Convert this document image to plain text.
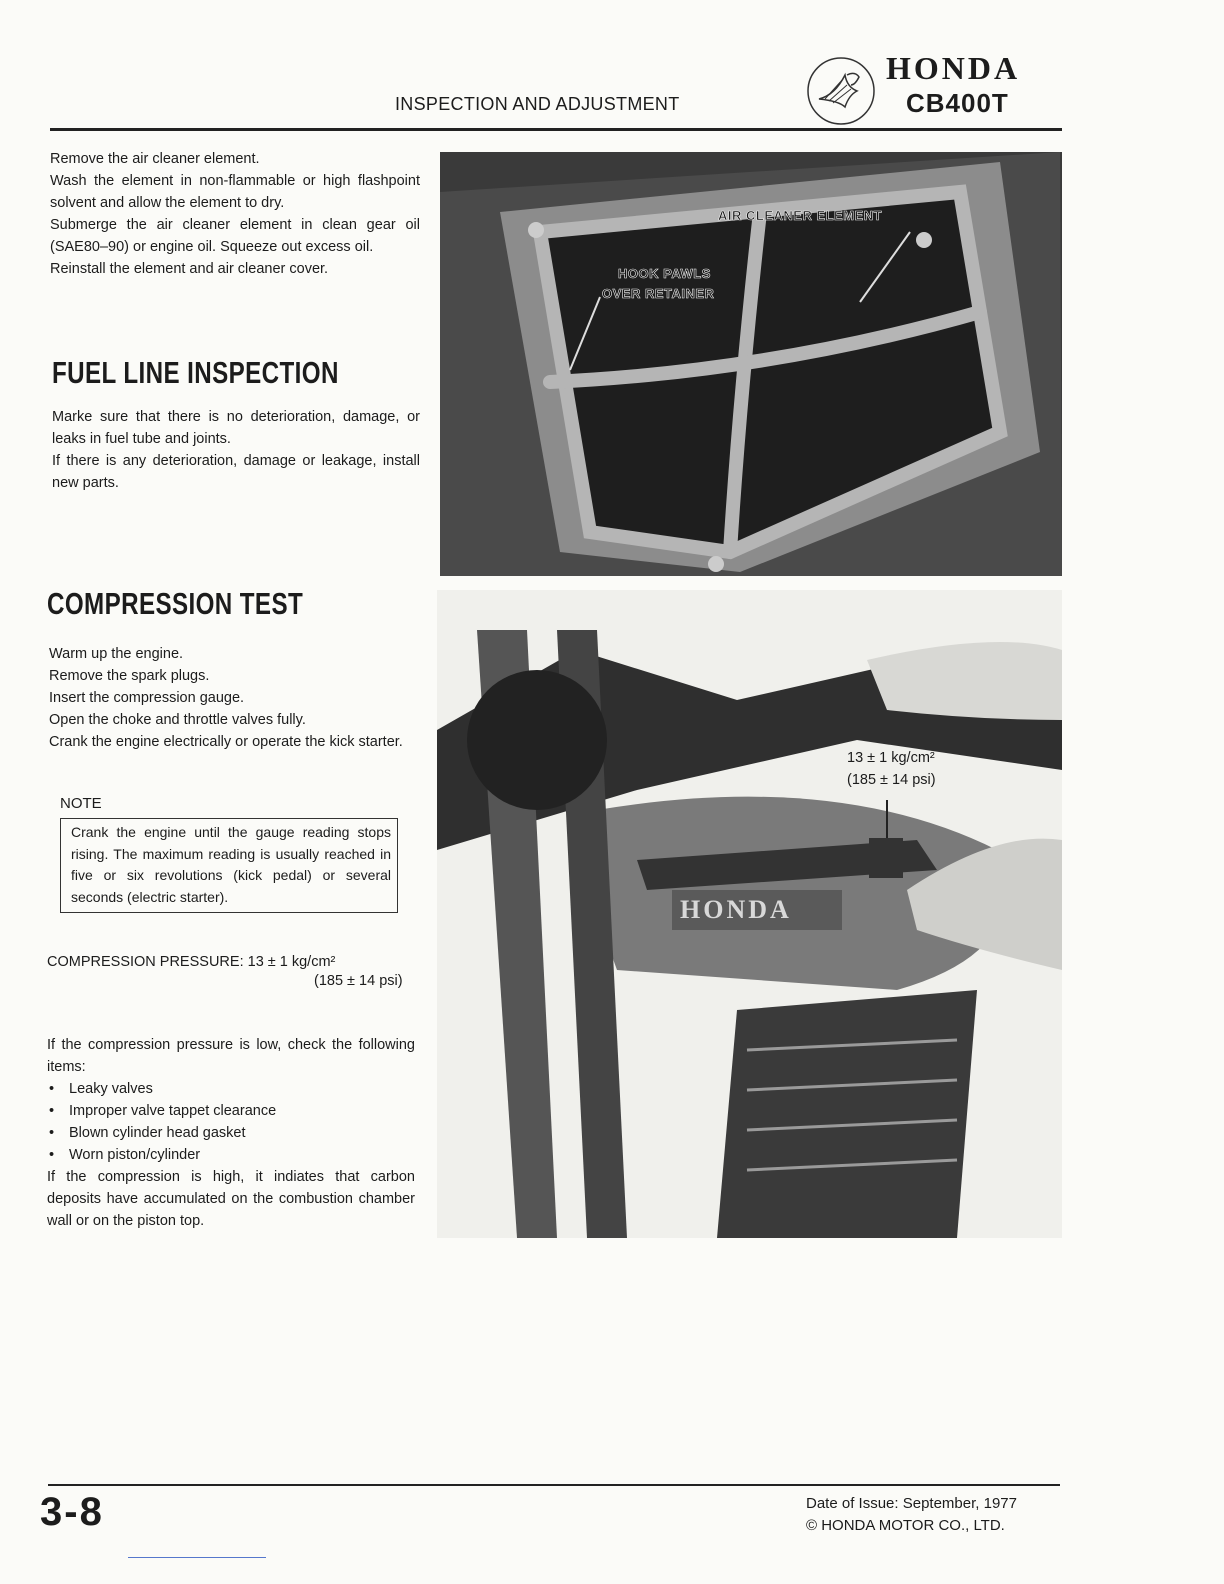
INSPECTION AND ADJUSTMENT
HONDA
CB400T

Remove the air cleaner element.

Wash the element in non-flammable or high flashpoint solvent and allow the element to dry.

Submerge the air cleaner element in clean gear oil (SAE80–90) or engine oil. Squeeze out excess oil.

Reinstall the element and air cleaner cover.

FUEL LINE INSPECTION

Marke sure that there is no deterioration, damage, or leaks in fuel tube and joints.

If there is any deterioration, damage or leakage, install new parts.

AIR CLEANER ELEMENT
HOOK PAWLS
OVER RETAINER
COMPRESSION TEST

Warm up the engine.

Remove the spark plugs.

Insert the compression gauge.

Open the choke and throttle valves fully.

Crank the engine electrically or operate the kick starter.

NOTE

Crank the engine until the gauge reading stops rising. The maximum reading is usually reached in five or six revolutions (kick pedal) or several seconds (electric starter).

COMPRESSION PRESSURE: 13 ± 1 kg/cm²
(185 ± 14 psi)

If the compression pressure is low, check the following items:

• Leaky valves
• Improper valve tappet clearance
• Blown cylinder head gasket
• Worn piston/cylinder

If the compression is high, it indiates that carbon deposits have accumulated on the combustion chamber wall or on the piston top.

13 ± 1 kg/cm²
(185 ± 14 psi)
HONDA
3-8	Date of Issue: September, 1977
© HONDA MOTOR CO., LTD.
